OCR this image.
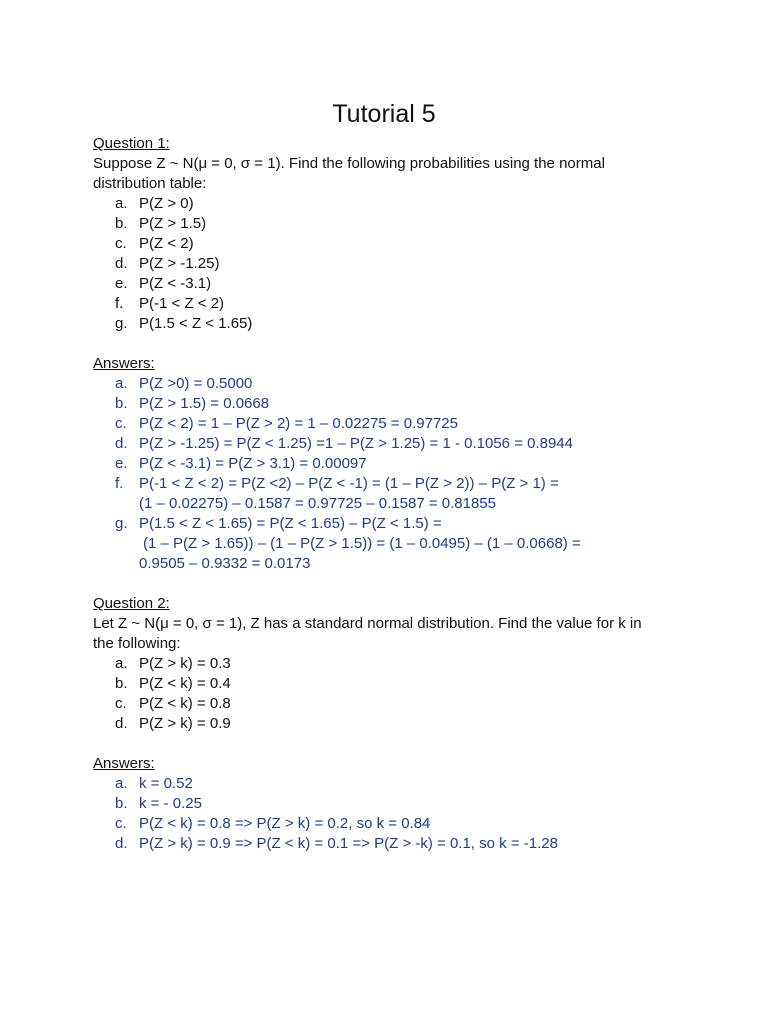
Tutorial 5
Question 1:
Suppose Z ~ N(μ = 0, σ = 1). Find the following probabilities using the normal
distribution table:
a. P(Z > 0)
b. P(Z > 1.5)
c. P(Z < 2)
d. P(Z > -1.25)
e. P(Z < -3.1)
f. P(-1 < Z < 2)
g. P(1.5 < Z < 1.65)
Answers:
a. P(Z >0) = 0.5000
b. P(Z > 1.5) = 0.0668
c. P(Z < 2) = 1 – P(Z > 2) = 1 – 0.02275 = 0.97725
d. P(Z > -1.25) = P(Z < 1.25) =1 – P(Z > 1.25) = 1 - 0.1056 = 0.8944
e. P(Z < -3.1) = P(Z > 3.1) = 0.00097
f. P(-1 < Z < 2) = P(Z <2) – P(Z < -1) = (1 – P(Z > 2)) – P(Z > 1) =
(1 – 0.02275) – 0.1587 = 0.97725 – 0.1587 = 0.81855
g. P(1.5 < Z < 1.65) = P(Z < 1.65) – P(Z < 1.5) =
(1 – P(Z > 1.65)) – (1 – P(Z > 1.5)) = (1 – 0.0495) – (1 – 0.0668) =
0.9505 – 0.9332 = 0.0173
Question 2:
Let Z ~ N(μ = 0, σ = 1), Z has a standard normal distribution. Find the value for k in
the following:
a. P(Z > k) = 0.3
b. P(Z < k) = 0.4
c. P(Z < k) = 0.8
d. P(Z > k) = 0.9
Answers:
a. k = 0.52
b. k = - 0.25
c. P(Z < k) = 0.8 => P(Z > k) = 0.2, so k = 0.84
d. P(Z > k) = 0.9 => P(Z < k) = 0.1 => P(Z > -k) = 0.1, so k = -1.28
